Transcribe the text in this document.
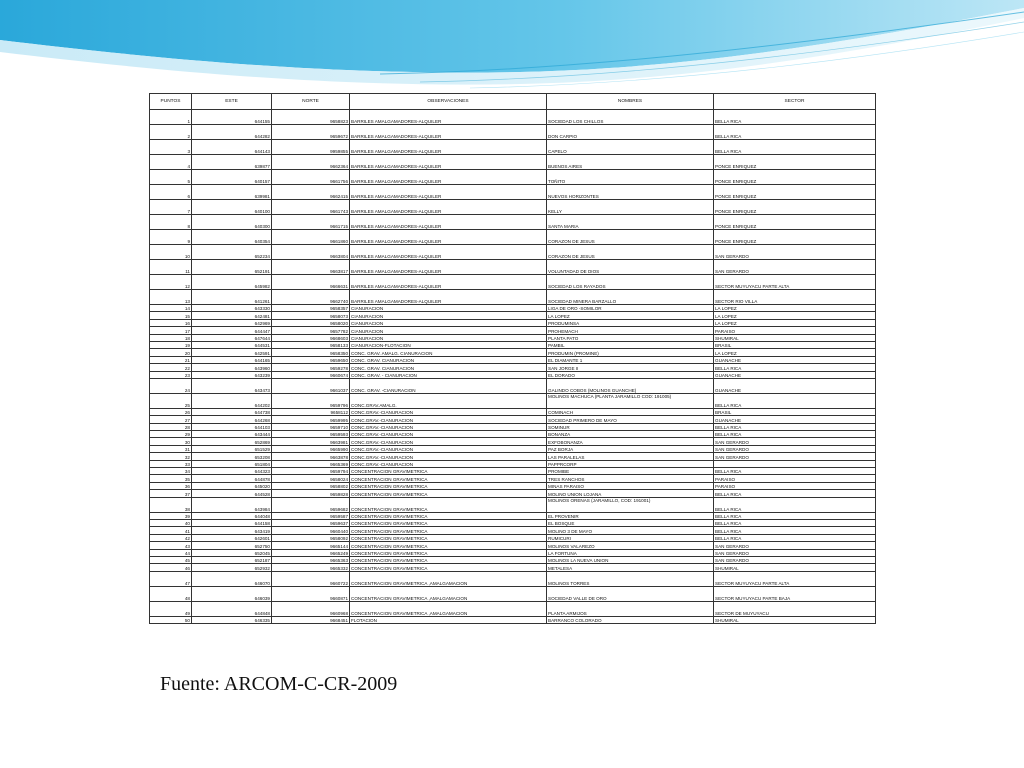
PUNTOS	ESTE	NORTE	OBSERVACIONES	NOMBRES	SECTOR
1	644155	9658823	BARRILES AMALGAMADORES-ALQUILER	SOCIEDAD LOS CHILLOS	BELLA RICA
2	644282	9659672	BARRILES AMALGAMADORES-ALQUILER	DON CARPIO	BELLA RICA
3	644143	9959855	BARRILES AMALGAMADORES-ALQUILER	CAPELO	BELLA RICA
4	639877	9662364	BARRILES AMALGAMADORES-ALQUILER	BUENOS AIRES	PONCE ENRIQUEZ
5	640157	9661756	BARRILES AMALGAMADORES-ALQUILER	TOÑITO	PONCE ENRIQUEZ
6	639981	9662415	BARRILES AMALGAMADORES-ALQUILER	NUEVOS HORIZONTES	PONCE ENRIQUEZ
7	640100	9661743	BARRILES AMALGAMADORES-ALQUILER	KELLY	PONCE ENRIQUEZ
8	640300	9661715	BARRILES AMALGAMADORES-ALQUILER	SANTA MARIA	PONCE ENRIQUEZ
9	640354	9661860	BARRILES AMALGAMADORES-ALQUILER	CORAZON DE JESUS	PONCE ENRIQUEZ
10	652234	9663804	BARRILES AMALGAMADORES-ALQUILER	CORAZON DE JESUS	SAN GERARDO
11	652191	9663817	BARRILES AMALGAMADORES-ALQUILER	VOLUNTADAD DE DIOS	SAN GERARDO
12	645982	9666631	BARRILES AMALGAMADORES-ALQUILER	SOCIEDAD LOS RAYADOS	SECTOR MUYUYACU PARTE ALTA
13	641261	9662740	BARRILES AMALGAMADORES-ALQUILER	SOCIEDAD MINERA BARZALLO	SECTOR RIO VILLA
14	643330	9658357	CIANURACION	LIGA DE ORO -SOMILOR	LA LOPEZ
15	642481	9658073	CIANURACION	LA LOPEZ	LA LOPEZ
16	642969	9658020	CIANURACION	PRODUMINSA	LA LOPEZ
17	644447	9657782	CIANURACION	PROHEMACH	PARAISO
18	647644	9668603	CIANURACION	PLANTA PATO	SHUMIRAL
19	644531	9658133	CIANURACION-FLOTACION	PAMBIL	BRASIL
20	642591	9658350	CONC. GRAV. AMALG. CIANURACION	PRODUMIN (PROMINE)	LA LOPEZ
21	644165	9659650	CONC. GRAV. CIANURACION	EL DIAMANTE 1	GUANACHE
22	643960	9659278	CONC. GRAV. CIANURACION	SAN JORGE II	BELLA RICA
23	643239	9660674	CONC. GRAV. - CIANURACION	EL DORADO	GUANACHE
24	643473	9661037	CONC. GRAV. -CIANURACION	GALINDO COBOS (MOLINOS GUANCHE)	GUANACHE
25	644202	9659796	CONC.GRAV.AMALG.	MOLINOS MACHUCA (PLANTA JARAMILLO COD: 191005)	BELLA RICA
26	644738	9658112	CONC.GRAV.-CIANURACION	COMINACH	BRASIL
27	644268	9659995	CONC.GRAV.-CIANURACION	SOCIEDAD PRIMERO DE MAYO	GUANACHE
28	644103	9659710	CONC.GRAV.-CIANURACION	SOMINUR	BELLA RICA
29	643444	9659593	CONC.GRAV.-CIANURACION	BONANZA	BELLA RICA
30	652869	9663981	CONC.GRAV.-CIANURACION	EXFOBONANZA	SAN GERARDO
31	651529	9665990	CONC.GRAV.-CIANURACION	PAZ BORJA	SAN GERARDO
32	653208	9663878	CONC.GRAV.-CIANURACION	LAS PARALELAS	SAN GERARDO
33	651804	9665369	CONC.GRAV.-CIANURACION	PAPPRCORP	
34	644323	9659794	CONCENTRACION GRAVIMETRICA	PROMIBE	BELLA RICA
35	644878	9658024	CONCENTRACION GRAVIMETRICA	TRES RANCHOS	PARAISO
36	645020	9658802	CONCENTRACION GRAVIMETRICA	MINAS PARAISO	PARAISO
37	644528	9659828	CONCENTRACION GRAVIMETRICA	MOLINO UNION LOJANA	BELLA RICA
38	643984	9659682	CONCENTRACION GRAVIMETRICA	MOLINOS ORENAS (JARAMILLO, COD: 191001)	BELLA RICA
39	644048	9659587	CONCENTRACION GRAVIMETRICA	EL PROVENIR	BELLA RICA
40	644158	9659637	CONCENTRACION GRAVIMETRICA	EL BOSQUE	BELLA RICA
41	643419	9660440	CONCENTRACION GRAVIMETRICA	MOLINO 3 DE MAYO	BELLA RICA
42	642601	9658092	CONCENTRACION GRAVIMETRICA	RUMICURI	BELLA RICA
43	652750	9665144	CONCENTRACION GRAVIMETRICA	MOLINOS VALAREZO	SAN GERARDO
44	652045	9665249	CONCENTRACION GRAVIMETRICA	LA FORTUNA	SAN GERARDO
45	652187	9665363	CONCENTRACION GRAVIMETRICA	MOLINOS LA NUEVA UNION	SAN GERARDO
46	652932	9665332	CONCENTRACION GRAVIMETRICA	METALESA	SHUMIRAL
47	646070	9660722	CONCENTRACION GRAVIMETRICA ,AMALGAMACION	MOLINOS TORRES	SECTOR MUYUYACU PARTE ALTA
48	646039	9660871	CONCENTRACION GRAVIMETRICA ,AMALGAMACION	SOCIEDAD VALLE DE ORO	SECTOR MUYUYACU PARTE BAJA
49	644848	9660968	CONCENTRACION GRAVIMETRICA ,AMALGAMACION	PLANTA ARMIJOS	SECTOR DE MUYUYACU
50	646335	9668451	FLOTACION	BARRANCO COLORADO	SHUMIRAL
Fuente: ARCOM-C-CR-2009
